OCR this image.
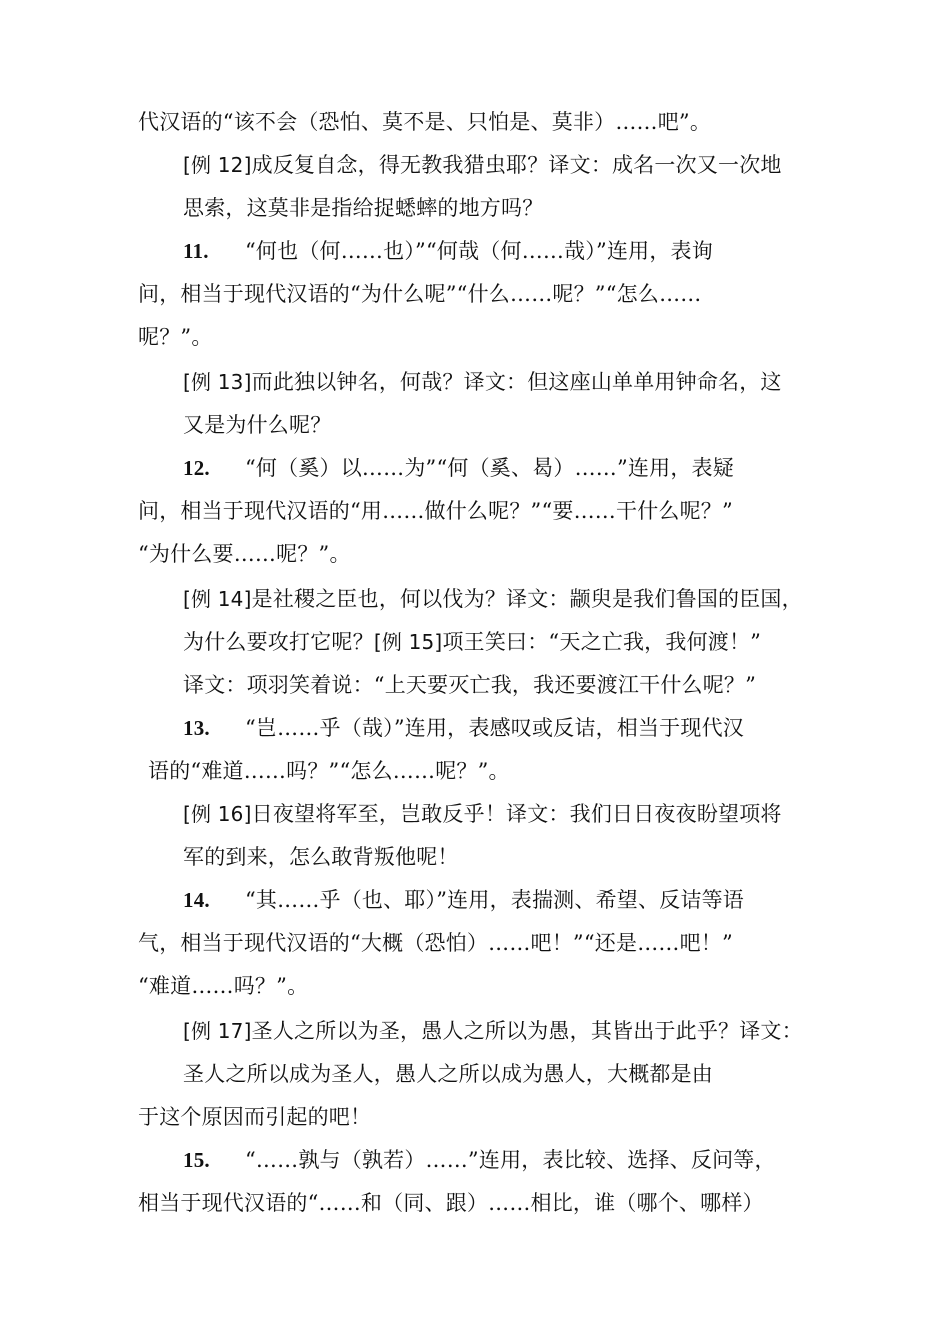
代汉语的“该不会（恐怕、莫不是、只怕是、莫非）……吧”。
[例 12]成反复自念，得无教我猎虫耶？译文：成名一次又一次地
思索，这莫非是指给捉蟋蟀的地方吗？
11. “何也（何……也）”“何哉（何……哉）”连用，表询
问，相当于现代汉语的“为什么呢”“什么……呢？”“怎么……
呢？”。
[例 13]而此独以钟名，何哉？译文：但这座山单单用钟命名，这
又是为什么呢？
12. “何（奚）以……为”“何（奚、曷）……”连用，表疑
问，相当于现代汉语的“用……做什么呢？”“要……干什么呢？”
“为什么要……呢？”。
[例 14]是社稷之臣也，何以伐为？译文：颛臾是我们鲁国的臣国，
为什么要攻打它呢？[例 15]项王笑曰：“天之亡我，我何渡！”
译文：项羽笑着说：“上天要灭亡我，我还要渡江干什么呢？”
13. “岂……乎（哉）”连用，表感叹或反诘，相当于现代汉
语的“难道……吗？”“怎么……呢？”。
[例 16]日夜望将军至，岂敢反乎！译文：我们日日夜夜盼望项将
军的到来，怎么敢背叛他呢！
14. “其……乎（也、耶）”连用，表揣测、希望、反诘等语
气，相当于现代汉语的“大概（恐怕）……吧！”“还是……吧！”
“难道……吗？”。
[例 17]圣人之所以为圣，愚人之所以为愚，其皆出于此乎？译文：
圣人之所以成为圣人，愚人之所以成为愚人，大概都是由
于这个原因而引起的吧！
15. “……孰与（孰若）……”连用，表比较、选择、反问等，
相当于现代汉语的“……和（同、跟）……相比，谁（哪个、哪样）
